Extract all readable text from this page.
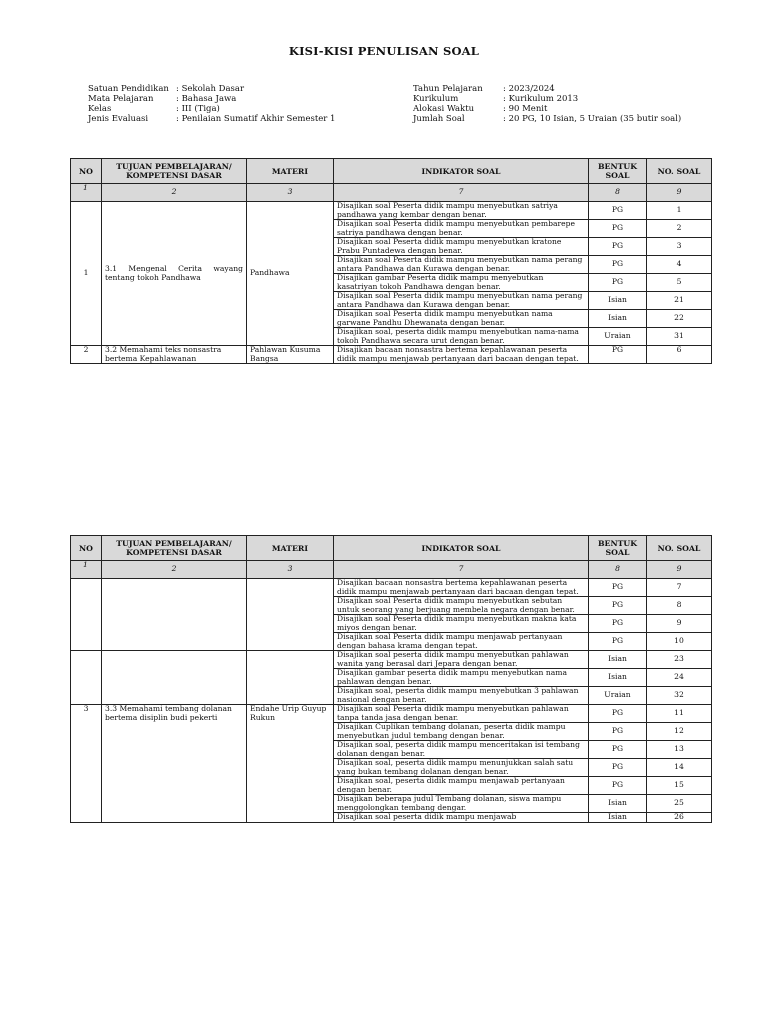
KISI-KISI PENULISAN SOAL
Satuan Pendidikan : Sekolah Dasar
Mata Pelajaran	: Bahasa Jawa
Kelas	: III (Tiga)
Jenis Evaluasi	: Penilaian Sumatif Akhir Semester 1
Tahun Pelajaran	: 2023/2024
Kurikulum	: Kurikulum 2013
Alokasi Waktu	: 90 Menit
Jumlah Soal	: 20 PG, 10 Isian, 5 Uraian (35 butir soal)
NO	TUJUAN PEMBELAJARAN/ KOMPETENSI DASAR	MATERI	INDIKATOR SOAL	BENTUK SOAL	NO. SOAL
1	2	3	7	8	9
1	3.1 Mengenal Cerita wayang tentang tokoh Pandhawa	Pandhawa	Disajikan soal Peserta didik mampu menyebutkan satriya pandhawa yang kembar dengan benar.	PG	1
			Disajikan soal Peserta didik mampu menyebutkan pembarepe satriya pandhawa dengan benar.	PG	2
			Disajikan soal Peserta didik mampu menyebutkan kratone Prabu Puntadewa dengan benar.	PG	3
			Disajikan soal Peserta didik mampu menyebutkan nama perang antara Pandhawa dan Kurawa dengan benar.	PG	4
			Disajikan gambar Peserta didik mampu menyebutkan kasatriyan tokoh Pandhawa dengan benar.	PG	5
			Disajikan soal Peserta didik mampu menyebutkan nama perang antara Pandhawa dan Kurawa dengan benar.	Isian	21
			Disajikan soal Peserta didik mampu menyebutkan nama garwane Pandhu Dhewanata dengan benar.	Isian	22
			Disajikan soal, peserta didik mampu menyebutkan nama-nama tokoh Pandhawa secara urut dengan benar.	Uraian	31
2	3.2 Memahami teks nonsastra bertema Kepahlawanan	Pahlawan Kusuma Bangsa	Disajikan bacaan nonsastra bertema kepahlawanan peserta didik mampu menjawab pertanyaan dari bacaan dengan tepat.	PG	6
NO	TUJUAN PEMBELAJARAN/ KOMPETENSI DASAR	MATERI	INDIKATOR SOAL	BENTUK SOAL	NO. SOAL
1	2	3	7	8	9
			Disajikan bacaan nonsastra bertema kepahlawanan peserta didik mampu menjawab pertanyaan dari bacaan dengan tepat.	PG	7
			Disajikan soal Peserta didik mampu menyebutkan sebutan untuk seorang yang berjuang membela negara dengan benar.	PG	8
			Disajikan soal Peserta didik mampu menyebutkan makna kata miyos dengan benar.	PG	9
			Disajikan soal Peserta didik mampu menjawab pertanyaan dengan bahasa krama dengan tepat.	PG	10
			Disajikan soal peserta didik mampu menyebutkan pahlawan wanita yang berasal dari Jepara dengan benar.	Isian	23
			Disajikan gambar peserta didik mampu menyebutkan nama pahlawan dengan benar.	Isian	24
			Disajikan soal, peserta didik mampu menyebutkan 3 pahlawan nasional dengan benar.	Uraian	32
3	3.3 Memahami tembang dolanan bertema disiplin budi pekerti	Endahe Urip Guyup Rukun	Disajikan soal Peserta didik mampu menyebutkan pahlawan tanpa tanda jasa dengan benar.	PG	11
			Disajikan Cuplikan tembang dolanan, peserta didik mampu menyebutkan judul tembang dengan benar.	PG	12
			Disajikan soal, peserta didik mampu menceritakan isi tembang dolanan dengan benar.	PG	13
			Disajikan soal, peserta didik mampu menunjukkan salah satu yang bukan tembang dolanan dengan benar.	PG	14
			Disajikan soal, peserta didik mampu menjawab pertanyaan dengan benar.	PG	15
			Disajikan beberapa judul Tembang dolanan, siswa mampu menggolongkan tembang dengar.	Isian	25
			Disajikan soal peserta didik mampu menjawab	Isian	26
